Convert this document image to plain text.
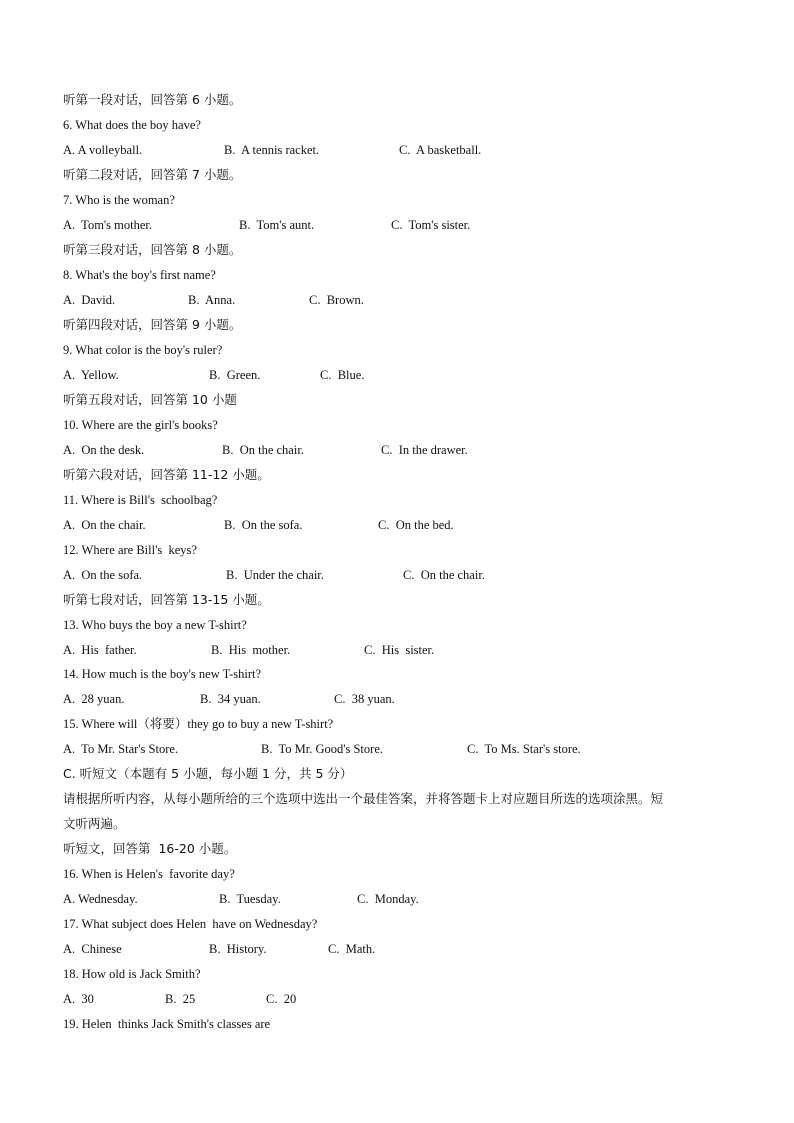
听第一段对话，回答第 6 小题。
6. What does the boy have?
A. A volleyball.	B.  A tennis racket.	C.  A basketball.
听第二段对话，回答第 7 小题。
7. Who is the woman?
A.  Tom's mother.	B.  Tom's aunt.	C.  Tom's sister.
听第三段对话，回答第 8 小题。
8. What's the boy's first name?
A.  David.	B.  Anna.	C.  Brown.
听第四段对话，回答第 9 小题。
9. What color is the boy's ruler?
A.  Yellow.	B.  Green.	C.  Blue.
听第五段对话，回答第 10 小题
10. Where are the girl's books?
A.  On the desk.	B.  On the chair.	C.  In the drawer.
听第六段对话，回答第 11-12 小题。
11. Where is Bill's  schoolbag?
A.  On the chair.	B.  On the sofa.	C.  On the bed.
12. Where are Bill's  keys?
A.  On the sofa.	B.  Under the chair.	C.  On the chair.
听第七段对话，回答第 13-15 小题。
13. Who buys the boy a new T-shirt?
A.  His  father.	B.  His  mother.	C.  His  sister.
14. How much is the boy's new T-shirt?
A.  28 yuan.	B.  34 yuan.	C.  38 yuan.
15. Where will（将要）they go to buy a new T-shirt?
A.  To Mr. Star's Store.	B.  To Mr. Good's Store.	C.  To Ms. Star's store.
C. 听短文（本题有 5 小题，每小题 1 分，共 5 分）
请根据所听内容，从每小题所给的三个选项中选出一个最佳答案，并将答题卡上对应题目所选的选项涂黑。短
文听两遍。
听短文，回答第  16-20 小题。
16. When is Helen's  favorite day?
A. Wednesday.	B.  Tuesday.	C.  Monday.
17. What subject does Helen  have on Wednesday?
A.  Chinese	B.  History.	C.  Math.
18. How old is Jack Smith?
A.  30	B.  25	C.  20
19. Helen  thinks Jack Smith's classes are
